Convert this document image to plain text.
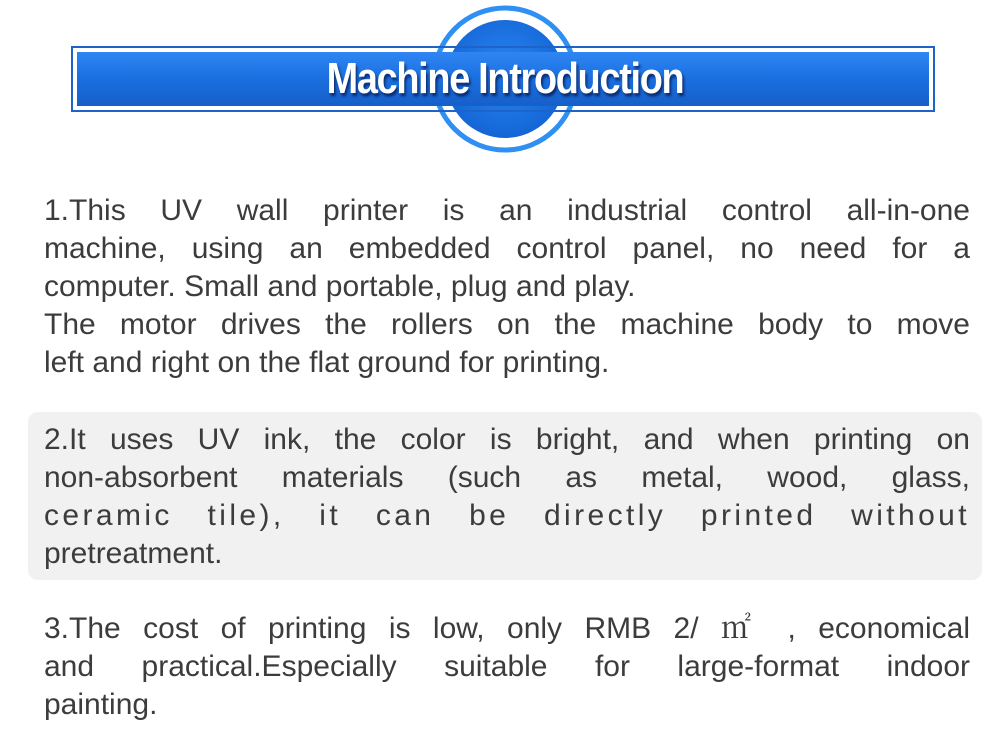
Machine Introduction
1.This UV wall printer is an industrial control all-in-one
machine, using an embedded control panel, no need for a
computer. Small and portable, plug and play.
The motor drives the rollers on the machine body to move
left and right on the flat ground for printing.
2.It uses UV ink, the color is bright, and when printing on
non-absorbent materials (such as metal, wood, glass,
ceramic tile), it can be directly printed without
pretreatment.
3.The cost of printing is low, only RMB 2/ ㎡ , economical
and practical.Especially suitable for large-format indoor
painting.
